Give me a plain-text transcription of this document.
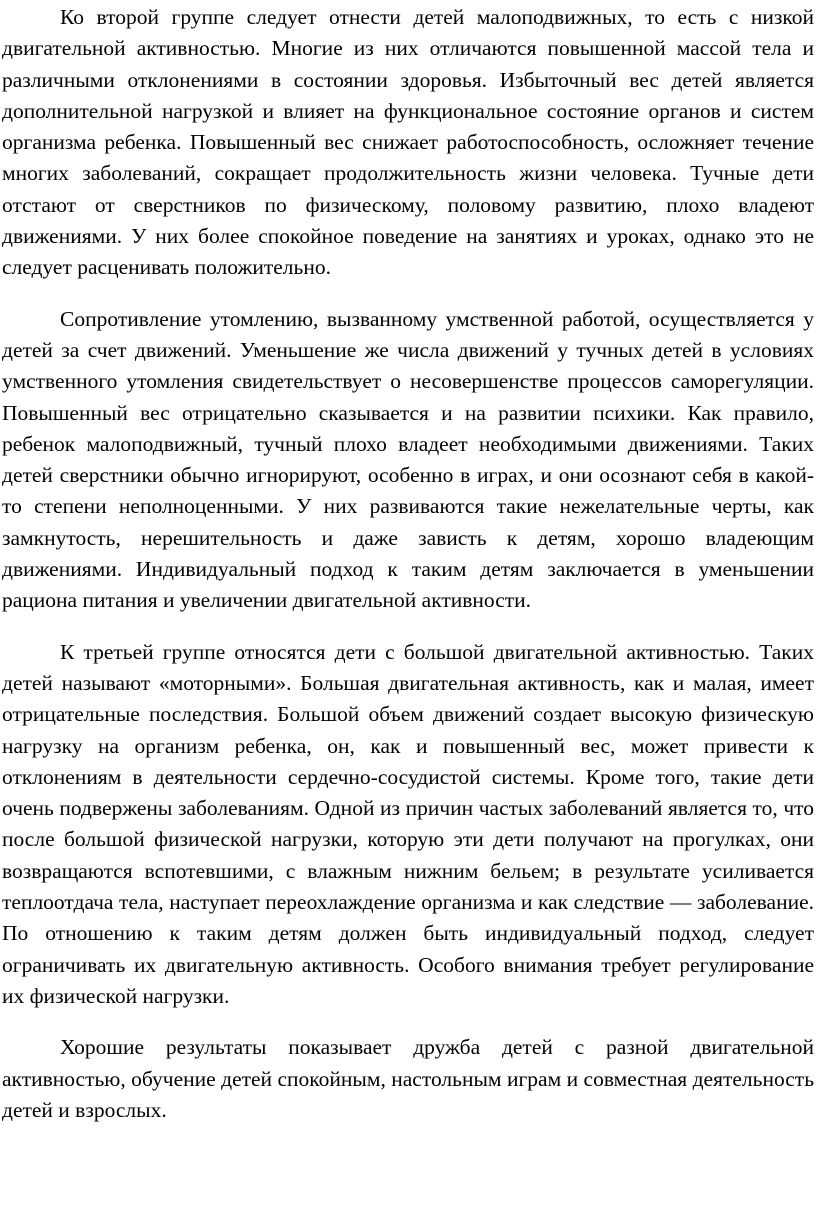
Ко второй группе следует отнести детей малоподвижных, то есть с низкой двигательной активностью. Многие из них отличаются повышенной массой тела и различными отклонениями в состоянии здоровья. Избыточный вес детей является дополнительной нагрузкой и влияет на функциональное состояние органов и систем организма ребенка. Повышенный вес снижает работоспособность, осложняет течение многих заболеваний, сокращает продолжительность жизни человека. Тучные дети отстают от сверстников по физическому, половому развитию, плохо владеют движениями. У них более спокойное поведение на занятиях и уроках, однако это не следует расценивать положительно.

Сопротивление утомлению, вызванному умственной работой, осуществляется у детей за счет движений. Уменьшение же числа движений у тучных детей в условиях умственного утомления свидетельствует о несовершенстве процессов саморегуляции. Повышенный вес отрицательно сказывается и на развитии психики. Как правило, ребенок малоподвижный, тучный плохо владеет необходимыми движениями. Таких детей сверстники обычно игнорируют, особенно в играх, и они осознают себя в какой-то степени неполноценными. У них развиваются такие нежелательные черты, как замкнутость, нерешительность и даже зависть к детям, хорошо владеющим движениями. Индивидуальный подход к таким детям заключается в уменьшении рациона питания и увеличении двигательной активности.

К третьей группе относятся дети с большой двигательной активностью. Таких детей называют «моторными». Большая двигательная активность, как и малая, имеет отрицательные последствия. Большой объем движений создает высокую физическую нагрузку на организм ребенка, он, как и повышенный вес, может привести к отклонениям в деятельности сердечно-сосудистой системы. Кроме того, такие дети очень подвержены заболеваниям. Одной из причин частых заболеваний является то, что после большой физической нагрузки, которую эти дети получают на прогулках, они возвращаются вспотевшими, с влажным нижним бельем; в результате усиливается теплоотдача тела, наступает переохлаждение организма и как следствие — заболевание. По отношению к таким детям должен быть индивидуальный подход, следует ограничивать их двигательную активность. Особого внимания требует регулирование их физической нагрузки.

Хорошие результаты показывает дружба детей с разной двигательной активностью, обучение детей спокойным, настольным играм и совместная деятельность детей и взрослых.
